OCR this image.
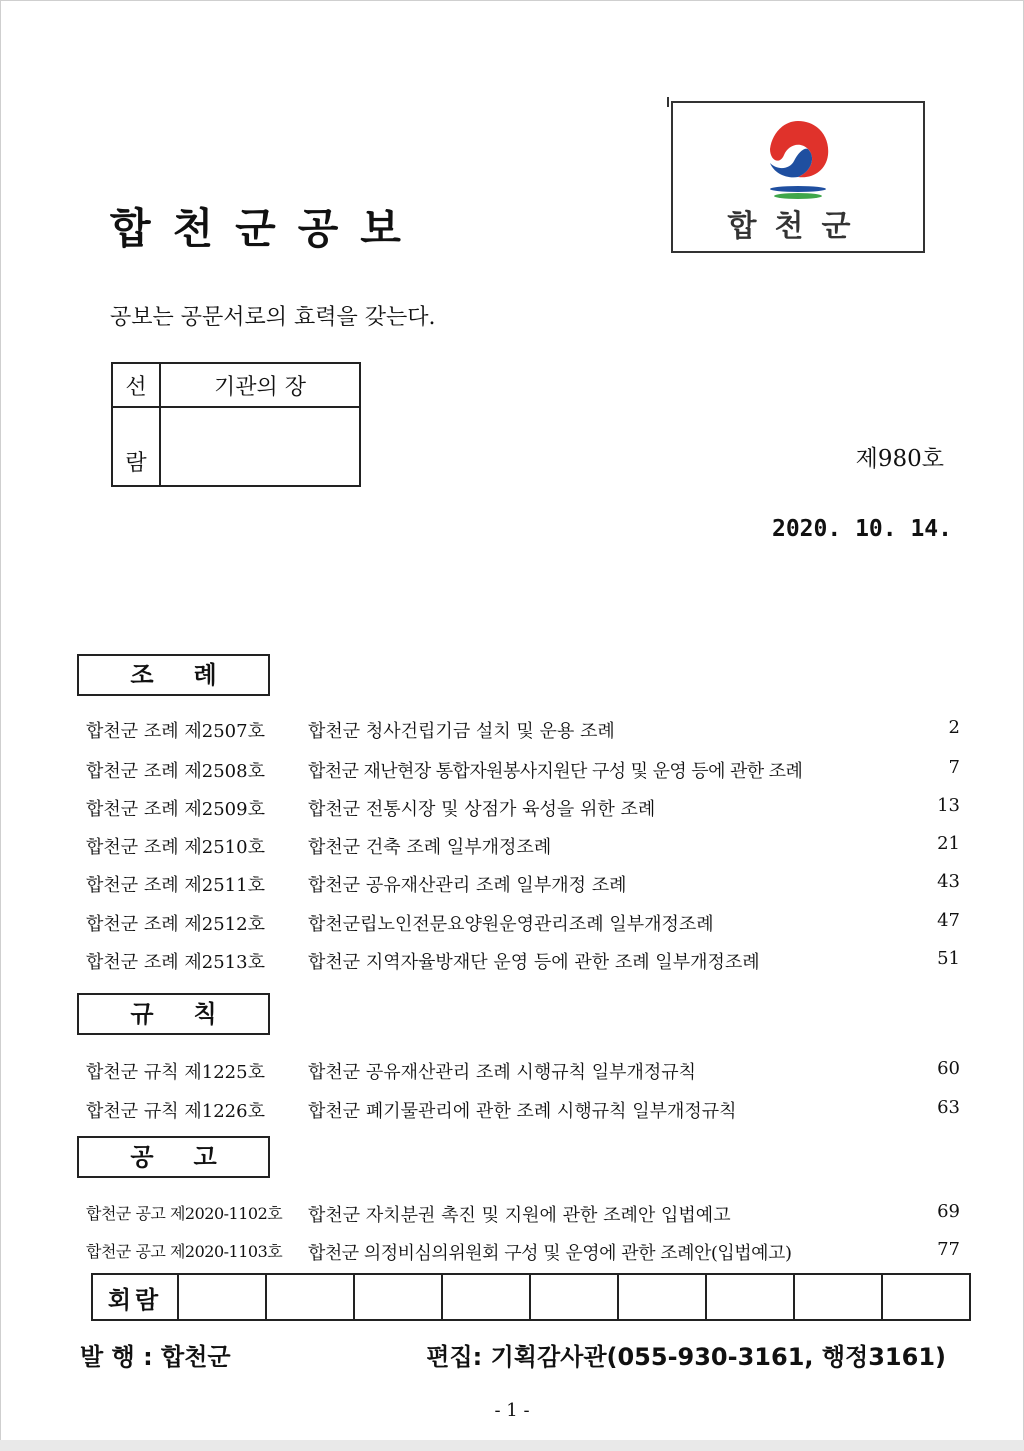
합천군공보
공보는 공문서로의 효력을 갖는다.
합천군
선	기관의 장
람		제980호
2020. 10. 14.
조례
합천군 조례 제2507호 합천군 청사건립기금 설치 및 운용 조례	2
합천군 조례 제2508호 합천군 재난현장 통합자원봉사지원단 구성 및 운영 등에 관한 조례	7
합천군 조례 제2509호 합천군 전통시장 및 상점가 육성을 위한 조례	13
합천군 조례 제2510호 합천군 건축 조례 일부개정조례	21
합천군 조례 제2511호 합천군 공유재산관리 조례 일부개정 조례	43
합천군 조례 제2512호 합천군립노인전문요양원운영관리조례 일부개정조례	47
합천군 조례 제2513호 합천군 지역자율방재단 운영 등에 관한 조례 일부개정조례	51
규칙
합천군 규칙 제1225호 합천군 공유재산관리 조례 시행규칙 일부개정규칙	60
합천군 규칙 제1226호 합천군 폐기물관리에 관한 조례 시행규칙 일부개정규칙	63
공고
합천군 공고 제2020-1102호 합천군 자치분권 촉진 및 지원에 관한 조례안 입법예고	69
합천군 공고 제2020-1103호 합천군 의정비심의위원회 구성 및 운영에 관한 조례안(입법예고)	77
회람									
발 행 : 합천군	편집: 기획감사관(055-930-3161, 행정3161)
- 1 -
